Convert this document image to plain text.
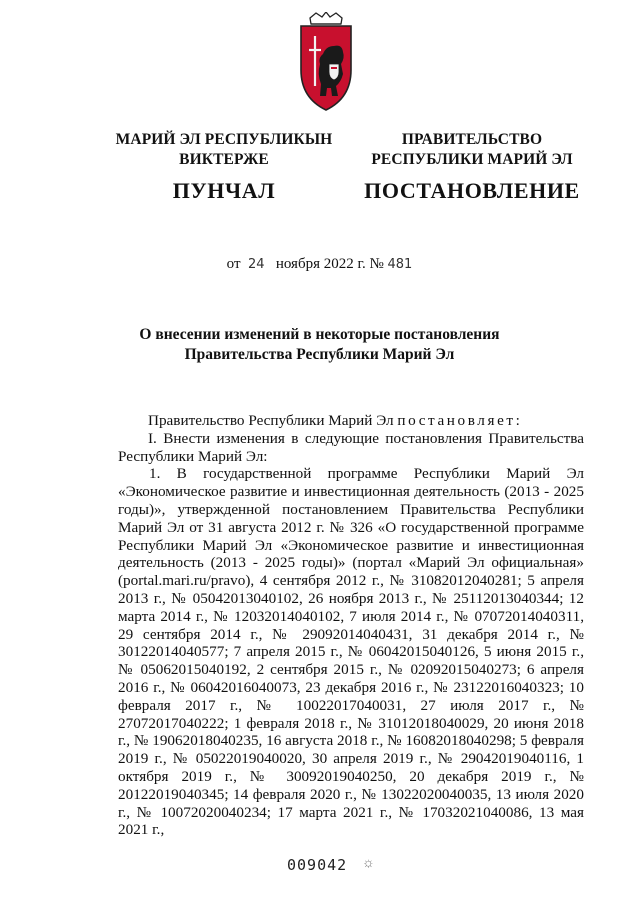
МАРИЙ ЭЛ РЕСПУБЛИКЫН
ВИКТЕРЖЕ
ПУНЧАЛ
ПРАВИТЕЛЬСТВО
РЕСПУБЛИКИ МАРИЙ ЭЛ
ПОСТАНОВЛЕНИЕ
от 24 ноября 2022 г. № 481
О внесении изменений в некоторые постановления
Правительства Республики Марий Эл

Правительство Республики Марий Эл постановляет:

I. Внести изменения в следующие постановления Правительства Республики Марий Эл:

1. В государственной программе Республики Марий Эл «Экономическое развитие и инвестиционная деятельность (2013 - 2025 годы)», утвержденной постановлением Правительства Республики Марий Эл от 31 августа 2012 г. № 326 «О государственной программе Республики Марий Эл «Экономическое развитие и инвестиционная деятельность (2013 - 2025 годы)» (портал «Марий Эл официальная» (portal.mari.ru/pravo), 4 сентября 2012 г., № 31082012040281; 5 апреля 2013 г., № 05042013040102, 26 ноября 2013 г., № 25112013040344; 12 марта 2014 г., № 12032014040102, 7 июля 2014 г., № 07072014040311, 29 сентября 2014 г., № 29092014040431, 31 декабря 2014 г., № 30122014040577; 7 апреля 2015 г., № 06042015040126, 5 июня 2015 г., № 05062015040192, 2 сентября 2015 г., № 02092015040273; 6 апреля 2016 г., № 06042016040073, 23 декабря 2016 г., № 23122016040323; 10 февраля 2017 г., № 10022017040031, 27 июля 2017 г., № 27072017040222; 1 февраля 2018 г., № 31012018040029, 20 июня 2018 г., № 19062018040235, 16 августа 2018 г., № 16082018040298; 5 февраля 2019 г., № 05022019040020, 30 апреля 2019 г., № 29042019040116, 1 октября 2019 г., № 30092019040250, 20 декабря 2019 г., № 20122019040345; 14 февраля 2020 г., № 13022020040035, 13 июля 2020 г., № 10072020040234; 17 марта 2021 г., № 17032021040086, 13 мая 2021 г.,

009042 ☼
